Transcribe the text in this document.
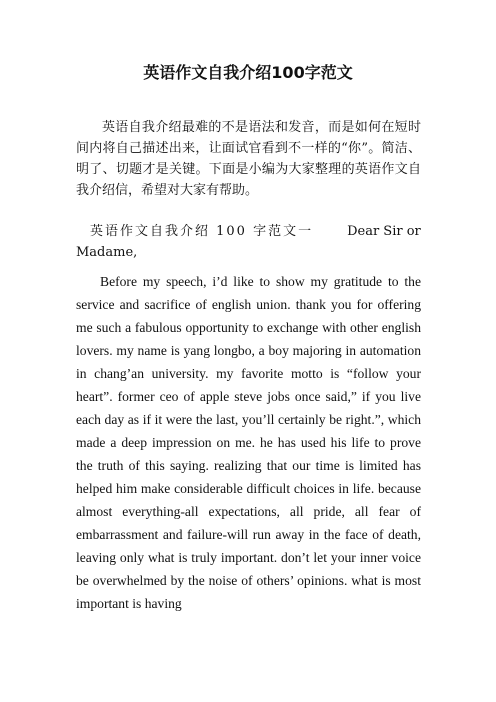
英语作文自我介绍100字范文

英语自我介绍最难的不是语法和发音，而是如何在短时间内将自己描述出来，让面试官看到不一样的“你”。简洁、明了、切题才是关键。下面是小编为大家整理的英语作文自我介绍信，希望对大家有帮助。

英语作文自我介绍 100 字范文一	Dear Sir or Madame,

Before my speech, i’d like to show my gratitude to the service and sacrifice of english union. thank you for offering me such a fabulous opportunity to exchange with other english lovers. my name is yang longbo, a boy majoring in automation in chang’an university. my favorite motto is “follow your heart”. former ceo of apple steve jobs once said,” if you live each day as if it were the last, you’ll certainly be right.”, which made a deep impression on me. he has used his life to prove the truth of this saying. realizing that our time is limited has helped him make considerable difficult choices in life. because almost everything-all expectations, all pride, all fear of embarrassment and failure-will run away in the face of death, leaving only what is truly important. don’t let your inner voice be overwhelmed by the noise of others’ opinions. what is most important is having
